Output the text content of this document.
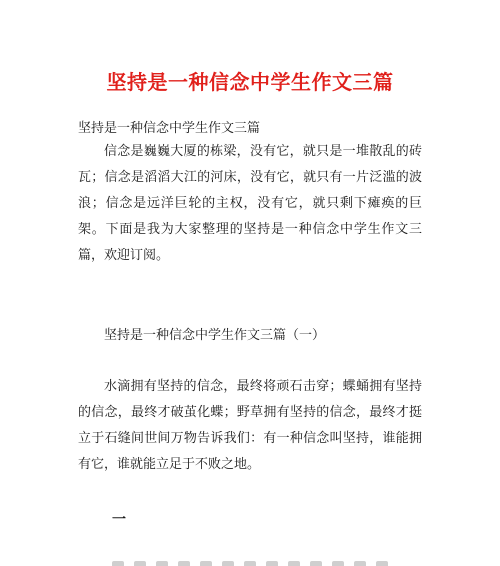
坚持是一种信念中学生作文三篇
坚持是一种信念中学生作文三篇

信念是巍巍大厦的栋梁，没有它，就只是一堆散乱的砖瓦；信念是滔滔大江的河床，没有它，就只有一片泛滥的波浪；信念是远洋巨轮的主权，没有它，就只剩下瘫痪的巨架。下面是我为大家整理的坚持是一种信念中学生作文三篇，欢迎订阅。

坚持是一种信念中学生作文三篇（一）

水滴拥有坚持的信念，最终将顽石击穿；蝶蛹拥有坚持的信念，最终才破茧化蝶；野草拥有坚持的信念，最终才挺立于石缝间世间万物告诉我们：有一种信念叫坚持，谁能拥有它，谁就能立足于不败之地。

一
